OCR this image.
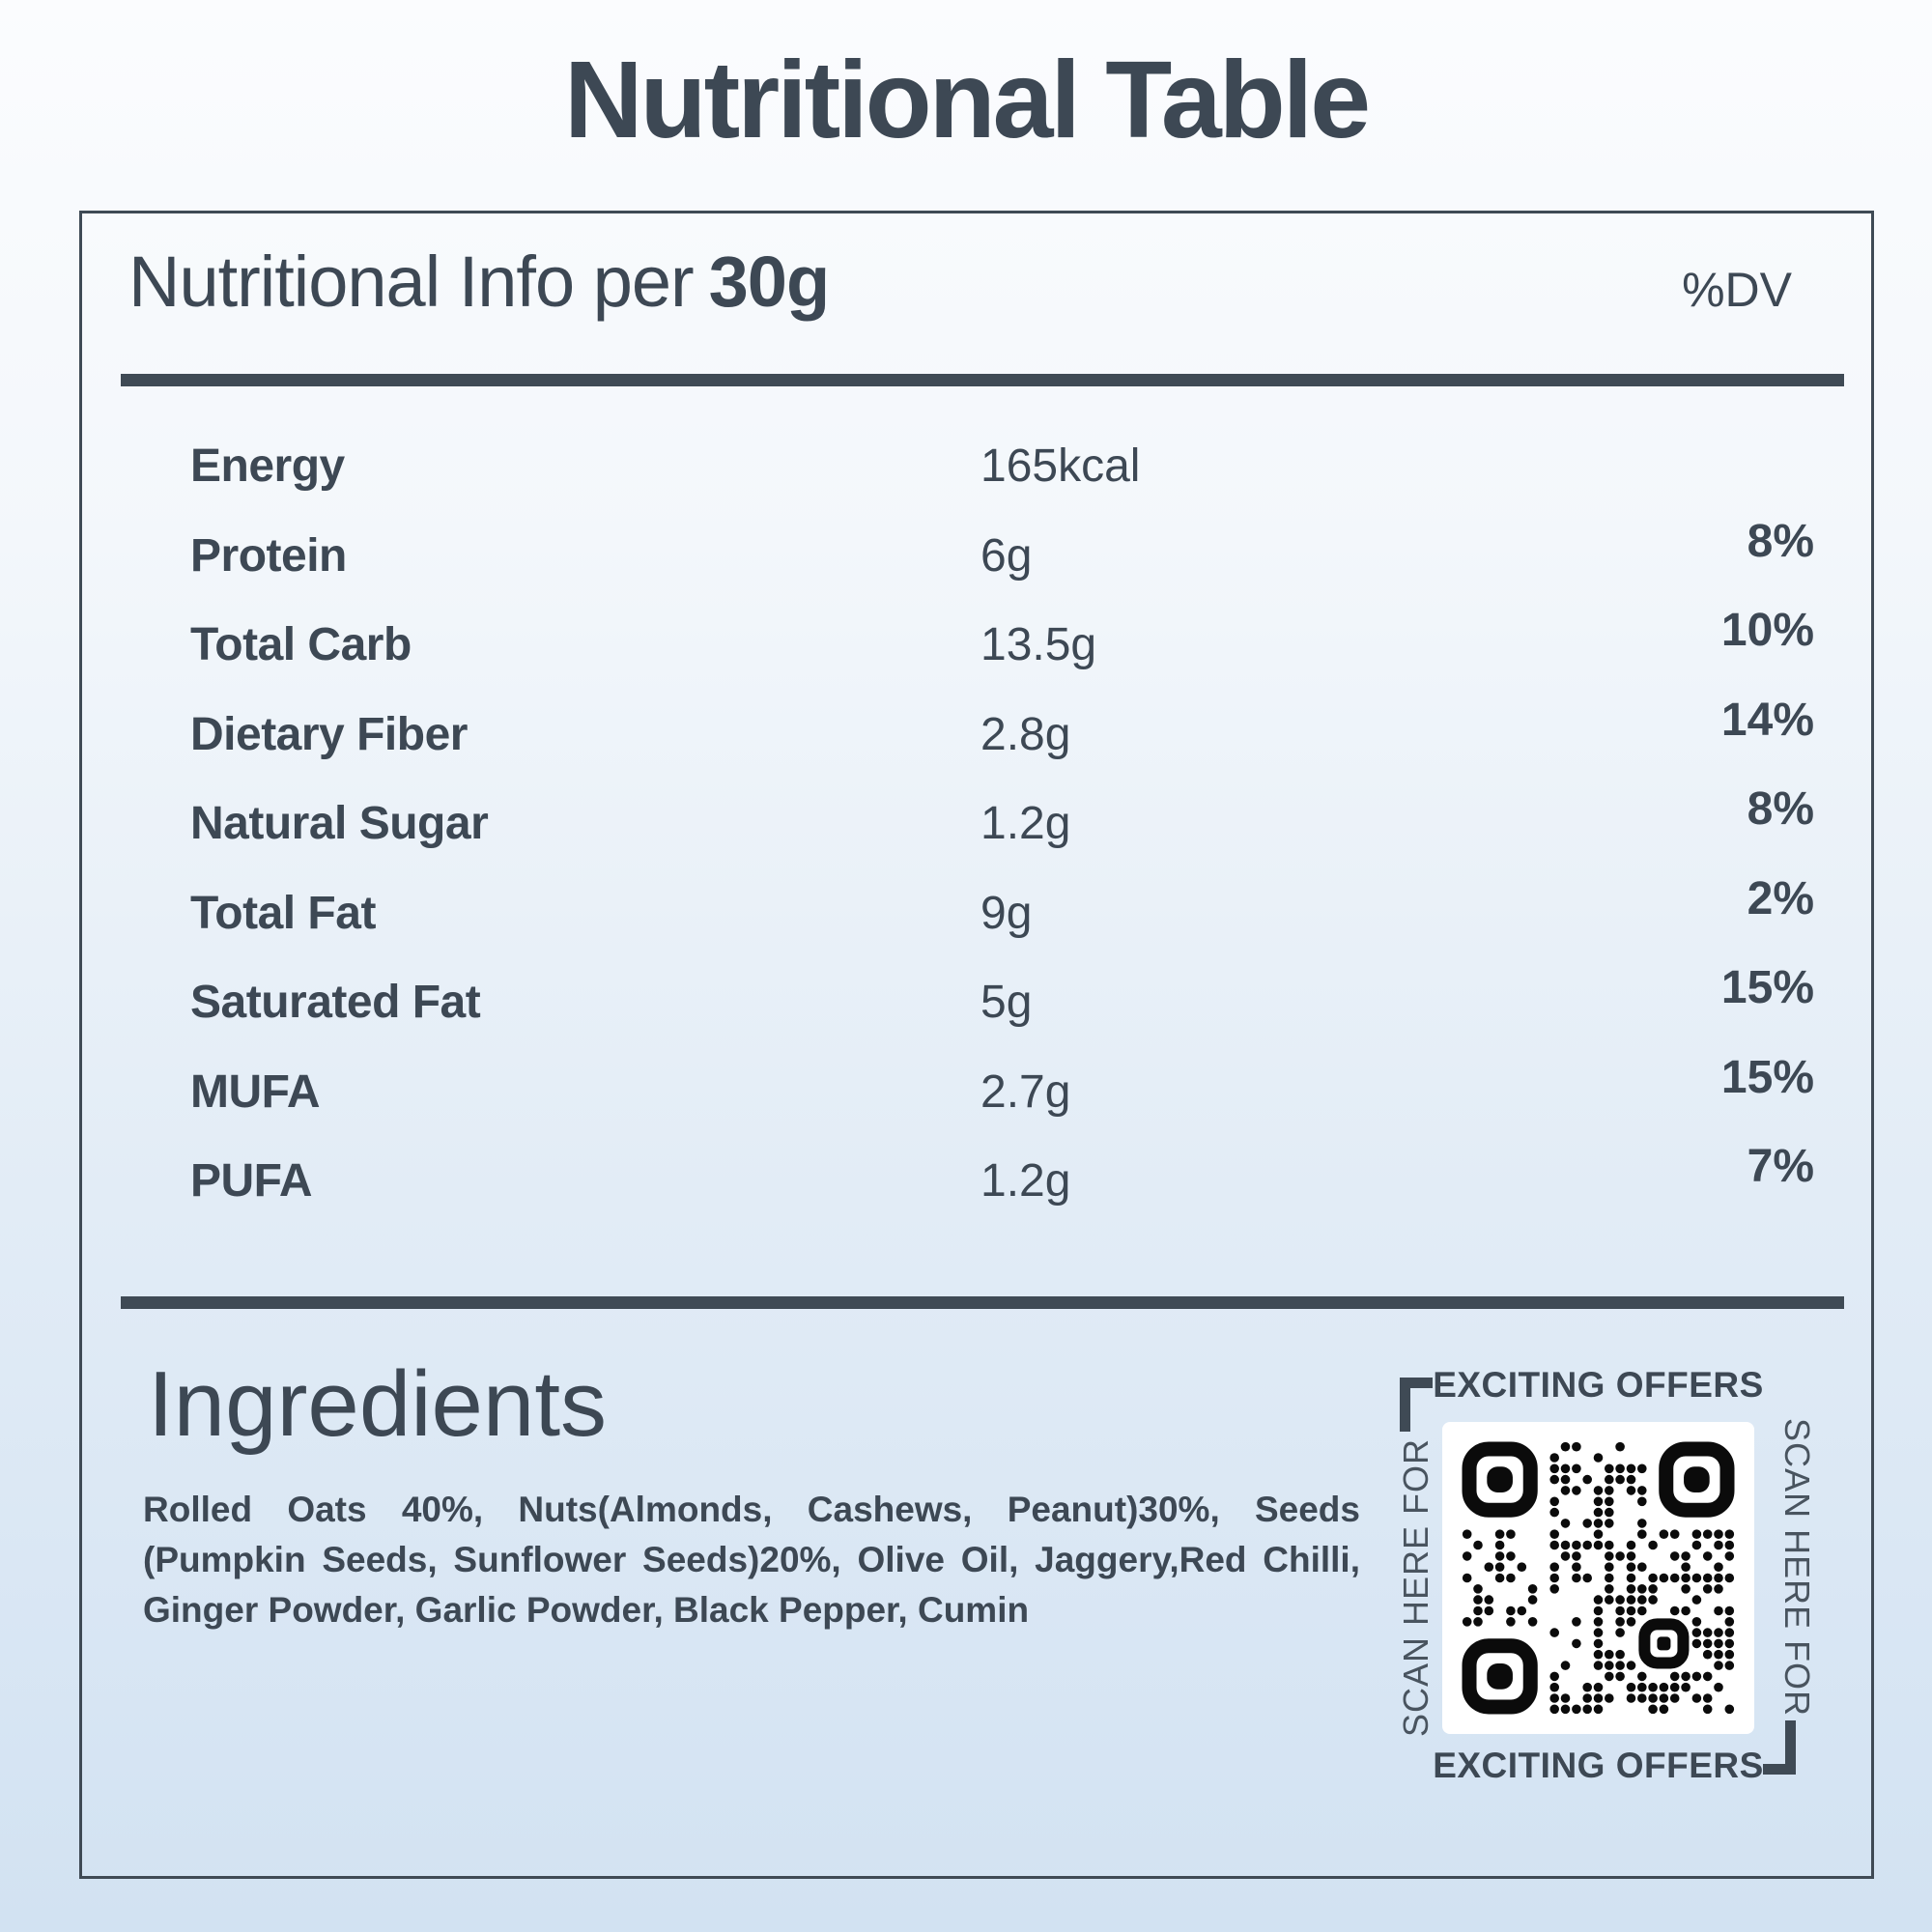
Nutritional Table
Nutritional Info per 30g	%DV
Energy	165kcal
Protein	6g	8%
Total Carb	13.5g	10%
Dietary Fiber	2.8g	14%
Natural Sugar	1.2g	8%
Total Fat	9g	2%
Saturated Fat	5g	15%
MUFA	2.7g	15%
PUFA	1.2g	7%
Ingredients
Rolled Oats 40%, Nuts(Almonds, Cashews, Peanut)30%, Seeds (Pumpkin Seeds, Sunflower Seeds)20%, Olive Oil, Jaggery,Red Chilli, Ginger Powder, Garlic Powder, Black Pepper, Cumin
EXCITING OFFERS
SCAN HERE FOR	SCAN HERE FOR
EXCITING OFFERS
